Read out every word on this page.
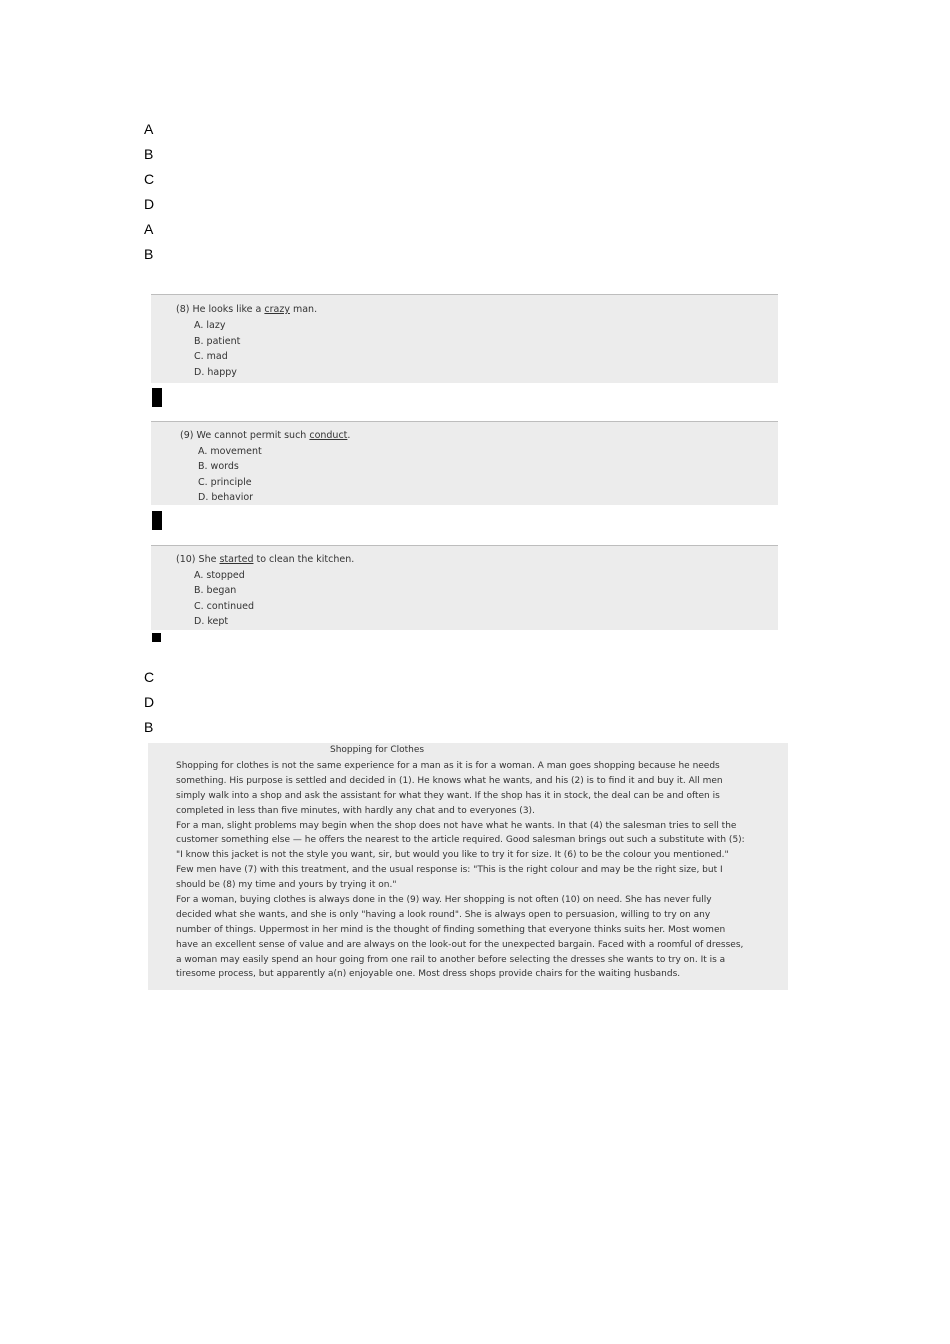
A
B
C
D
A
B
(8) He looks like a crazy man.
A. lazy
B. patient
C. mad
D. happy
(9) We cannot permit such conduct.
A. movement
B. words
C. principle
D. behavior
(10) She started to clean the kitchen.
A. stopped
B. began
C. continued
D. kept
C
D
B
Shopping for Clothes
Shopping for clothes is not the same experience for a man as it is for a woman. A man goes shopping because he needs
something. His purpose is settled and decided in (1). He knows what he wants, and his (2) is to find it and buy it. All men
simply walk into a shop and ask the assistant for what they want. If the shop has it in stock, the deal can be and often is
completed in less than five minutes, with hardly any chat and to everyones (3).
For a man, slight problems may begin when the shop does not have what he wants. In that (4) the salesman tries to sell the
customer something else — he offers the nearest to the article required. Good salesman brings out such a substitute with (5):
"I know this jacket is not the style you want, sir, but would you like to try it for size. It (6) to be the colour you mentioned."
Few men have (7) with this treatment, and the usual response is: "This is the right colour and may be the right size, but I
should be (8) my time and yours by trying it on."
For a woman, buying clothes is always done in the (9) way. Her shopping is not often (10) on need. She has never fully
decided what she wants, and she is only "having a look round". She is always open to persuasion, willing to try on any
number of things. Uppermost in her mind is the thought of finding something that everyone thinks suits her. Most women
have an excellent sense of value and are always on the look-out for the unexpected bargain. Faced with a roomful of dresses,
a woman may easily spend an hour going from one rail to another before selecting the dresses she wants to try on. It is a
tiresome process, but apparently a(n) enjoyable one. Most dress shops provide chairs for the waiting husbands.
